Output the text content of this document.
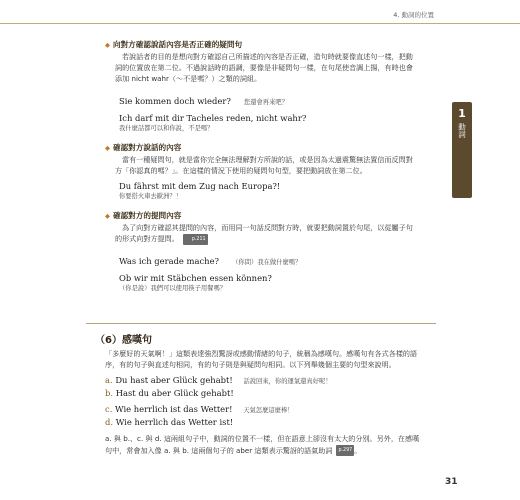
4. 動詞的位置
1
動詞

◆ 向對方確認說話內容是否正確的疑問句

若說話者的目的是想向對方確認自己所描述的內容是否正確，造句時就要像直述句一樣，把動詞的位置放在第二位。不過說話時的語調，要像是非疑問句一樣，在句尾使音調上揚，有時也會添加 nicht wahr（〜不是嗎？）之類的詞組。

Sie kommen doch wieder? 您還會再來吧？
Ich darf mit dir Tacheles reden, nicht wahr?
我什麼話都可以和你說，不是嗎？

◆ 確認對方說話的內容

當有一種疑問句，就是當你完全無法理解對方所說的話，或是因為太過震驚無法置信而反問對方「你認真的嗎？」。在這樣的情況下使用的疑問句句型，要把動詞放在第二位。

Du fährst mit dem Zug nach Europa?!
你要搭火車去歐洲？！

◆ 確認對方的提問內容

為了向對方確認其提問的內容，而用同一句話反問對方時，就要把動詞置於句尾，以從屬子句的形式向對方提問。	p.211

Was ich gerade mache? （你問）我在做什麼嗎？
Ob wir mit Stäbchen essen können?
（你是說）我們可以使用筷子用餐嗎？
（6）感嘆句

「多麼好的天氣啊！」這類表達強烈驚訝或感動情緒的句子，統稱為感嘆句。感嘆句有各式各樣的語序，有的句子與直述句相同，有的句子則是與疑問句相同。以下列舉幾個主要的句型來說明。

a. Du hast aber Glück gehabt! 話說回來，你的運氣還真好呢！
b. Hast du aber Glück gehabt!
c. Wie herrlich ist das Wetter! 天氣怎麼這麼棒！
d. Wie herrlich das Wetter ist!

a. 與 b.、c. 與 d. 這兩組句子中，動詞的位置不一樣，但在語意上卻沒有太大的分別。另外，在感嘆句中，常會加入像 a. 與 b. 這兩個句子的 aber 這類表示驚訝的語氣助詞 p.297 。

31
